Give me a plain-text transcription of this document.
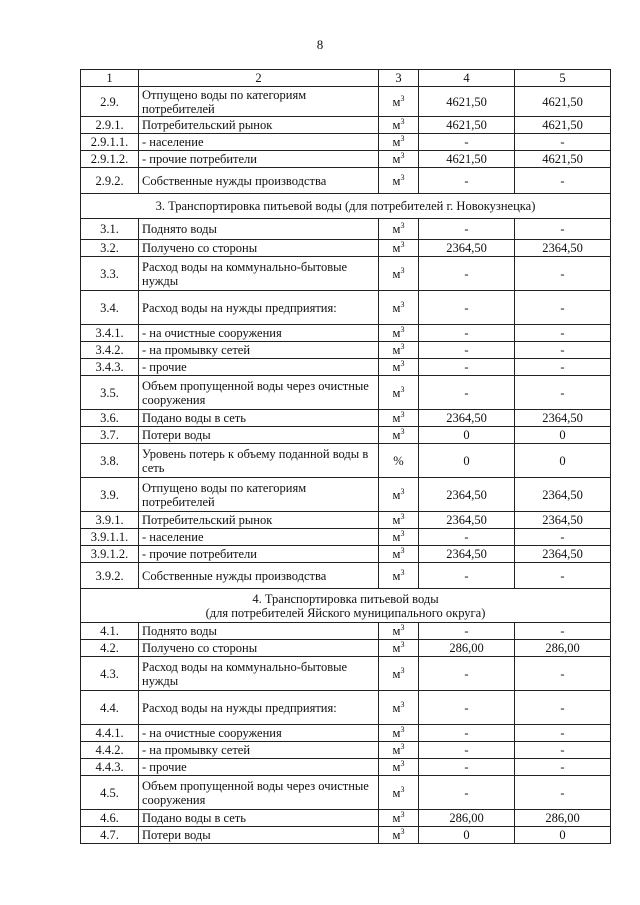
8
1	2	3	4	5
2.9.	Отпущено воды по категориям потребителей	$м^3$	4621,50	4621,50
2.9.1.	Потребительский рынок	$м^3$	4621,50	4621,50
2.9.1.1.	- население	$м^3$	-	-
2.9.1.2.	- прочие потребители	$м^3$	4621,50	4621,50
2.9.2.	Собственные нужды производства	$м^3$	-	-

3. Транспортировка питьевой воды (для потребителей г. Новокузнецка)				

3.1.	Поднято воды	$м^3$	-	-
3.2.	Получено со стороны	$м^3$	2364,50	2364,50
3.3.	Расход воды на коммунально-бытовые нужды	$м^3$	-	-
3.4.	Расход воды на нужды предприятия:	$м^3$	-	-
3.4.1.	- на очистные сооружения	$м^3$	-	-
3.4.2.	- на промывку сетей	$м^3$	-	-
3.4.3.	- прочие	$м^3$	-	-
3.5.	Объем пропущенной воды через очистные сооружения	$м^3$	-	-
3.6.	Подано воды в сеть	$м^3$	2364,50	2364,50
3.7.	Потери воды	$м^3$	0	0
3.8.	Уровень потерь к объему поданной воды в сеть	%	0	0
3.9.	Отпущено воды по категориям потребителей	$м^3$	2364,50	2364,50
3.9.1.	Потребительский рынок	$м^3$	2364,50	2364,50
3.9.1.1.	- население	$м^3$	-	-
3.9.1.2.	- прочие потребители	$м^3$	2364,50	2364,50
3.9.2.	Собственные нужды производства	$м^3$	-	-

4. Транспортировка питьевой воды
(для потребителей Яйского муниципального округа)				

4.1.	Поднято воды	$м^3$	-	-
4.2.	Получено со стороны	$м^3$	286,00	286,00
4.3.	Расход воды на коммунально-бытовые нужды	$м^3$	-	-
4.4.	Расход воды на нужды предприятия:	$м^3$	-	-
4.4.1.	- на очистные сооружения	$м^3$	-	-
4.4.2.	- на промывку сетей	$м^3$	-	-
4.4.3.	- прочие	$м^3$	-	-
4.5.	Объем пропущенной воды через очистные сооружения	$м^3$	-	-
4.6.	Подано воды в сеть	$м^3$	286,00	286,00
4.7.	Потери воды	$м^3$	0	0
